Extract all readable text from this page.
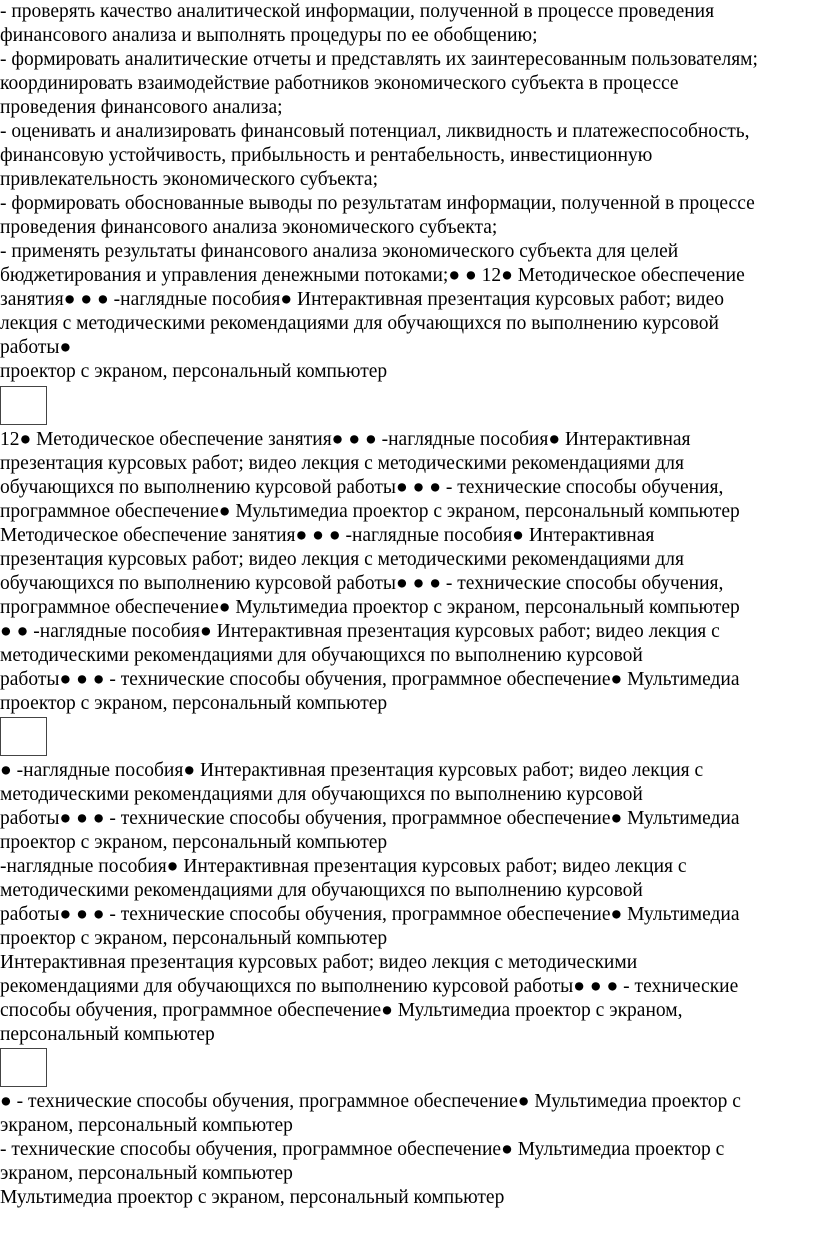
- проверять качество аналитической информации, полученной в процессе проведения
финансового анализа и выполнять процедуры по ее обобщению;
- формировать аналитические отчеты и представлять их заинтересованным пользователям;
координировать взаимодействие работников экономического субъекта в процессе
проведения финансового анализа;
- оценивать и анализировать финансовый потенциал, ликвидность и платежеспособность,
финансовую устойчивость, прибыльность и рентабельность, инвестиционную
привлекательность экономического субъекта;
- формировать обоснованные выводы по результатам информации, полученной в процессе
проведения финансового анализа экономического субъекта;
- применять результаты финансового анализа экономического субъекта для целей
бюджетирования и управления денежными потоками;● ● 12● Методическое обеспечение
занятия● ● ● -наглядные пособия● Интерактивная презентация курсовых работ; видео
лекция с методическими рекомендациями для обучающихся по выполнению курсовой
работы●
проектор с экраном, персональный компьютер
12● Методическое обеспечение занятия● ● ● -наглядные пособия● Интерактивная
презентация курсовых работ; видео лекция с методическими рекомендациями для
обучающихся по выполнению курсовой работы● ● ● - технические способы обучения,
программное обеспечение● Мультимедиа проектор с экраном, персональный компьютер
Методическое обеспечение занятия● ● ● -наглядные пособия● Интерактивная
презентация курсовых работ; видео лекция с методическими рекомендациями для
обучающихся по выполнению курсовой работы● ● ● - технические способы обучения,
программное обеспечение● Мультимедиа проектор с экраном, персональный компьютер
● ● -наглядные пособия● Интерактивная презентация курсовых работ; видео лекция с
методическими рекомендациями для обучающихся по выполнению курсовой
работы● ● ● - технические способы обучения, программное обеспечение● Мультимедиа
проектор с экраном, персональный компьютер
● -наглядные пособия● Интерактивная презентация курсовых работ; видео лекция с
методическими рекомендациями для обучающихся по выполнению курсовой
работы● ● ● - технические способы обучения, программное обеспечение● Мультимедиа
проектор с экраном, персональный компьютер
-наглядные пособия● Интерактивная презентация курсовых работ; видео лекция с
методическими рекомендациями для обучающихся по выполнению курсовой
работы● ● ● - технические способы обучения, программное обеспечение● Мультимедиа
проектор с экраном, персональный компьютер
Интерактивная презентация курсовых работ; видео лекция с методическими
рекомендациями для обучающихся по выполнению курсовой работы● ● ● - технические
способы обучения, программное обеспечение● Мультимедиа проектор с экраном,
персональный компьютер
● - технические способы обучения, программное обеспечение● Мультимедиа проектор с
экраном, персональный компьютер
- технические способы обучения, программное обеспечение● Мультимедиа проектор с
экраном, персональный компьютер
Мультимедиа проектор с экраном, персональный компьютер
